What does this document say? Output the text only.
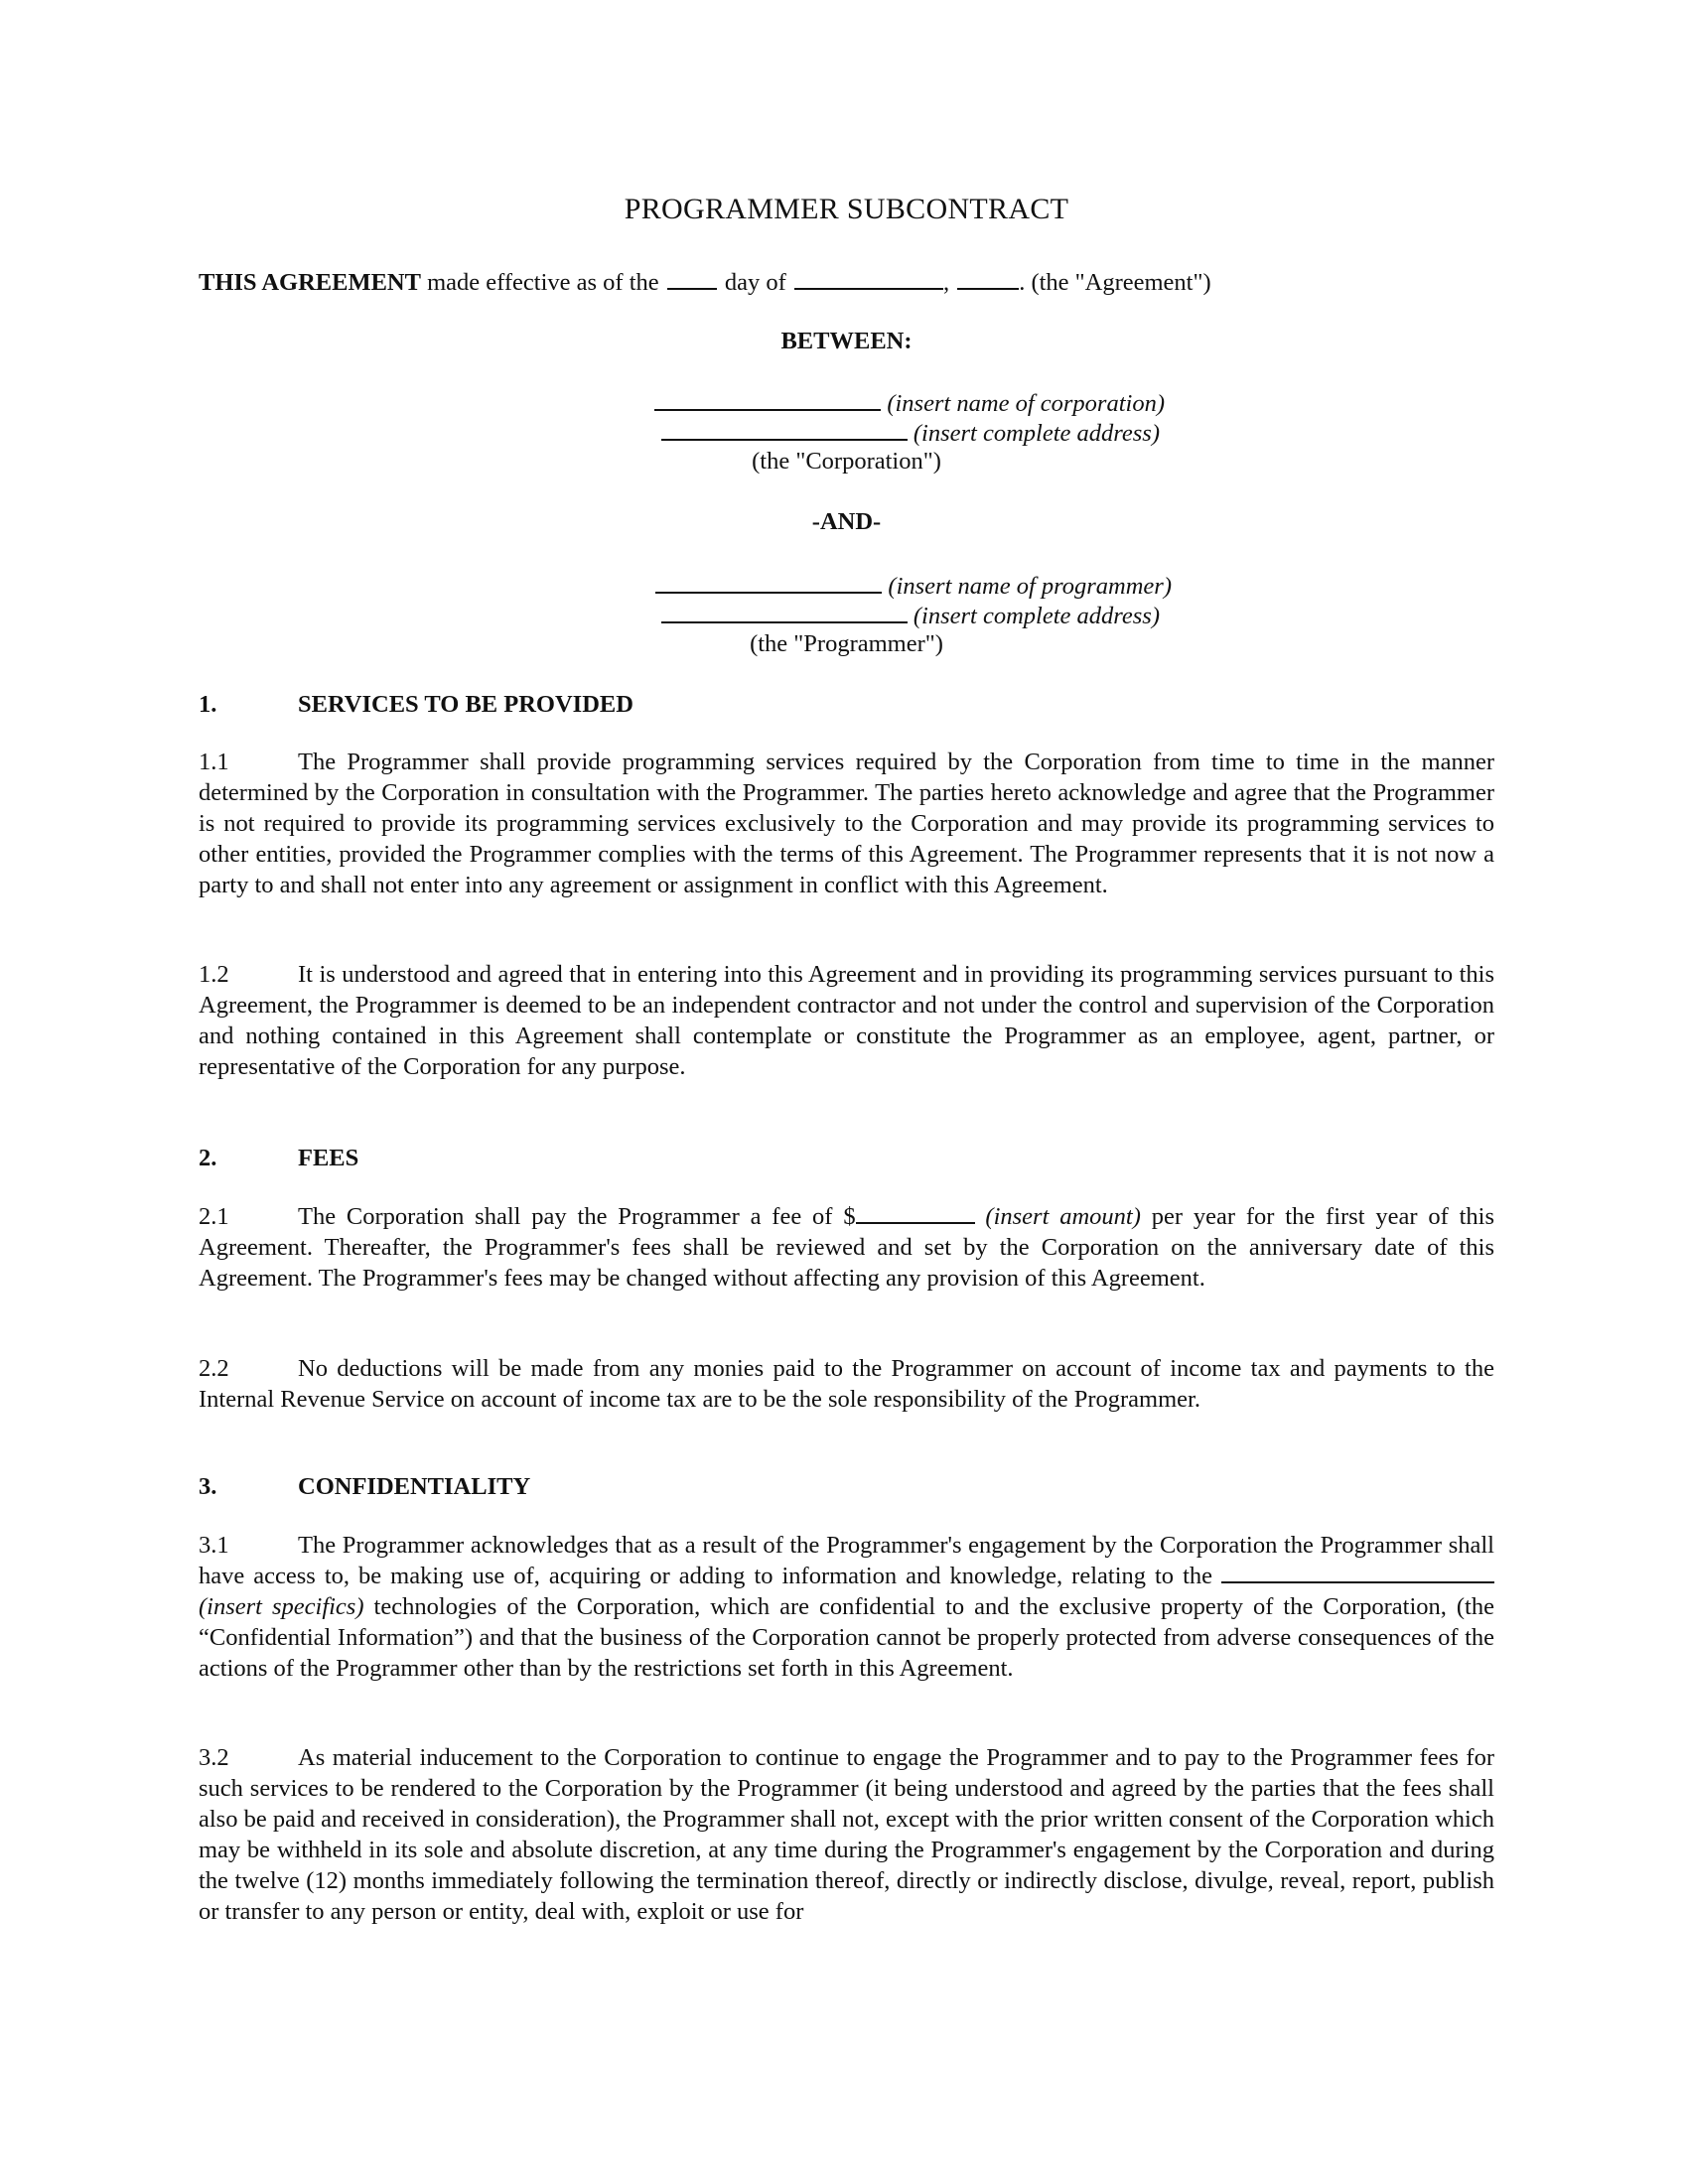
PROGRAMMER SUBCONTRACT
THIS AGREEMENT made effective as of the	day of	,	. (the "Agreement")
BETWEEN:
(insert name of corporation)
(insert complete address)
(the "Corporation")
-AND-
(insert name of programmer)
(insert complete address)
(the "Programmer")
1.	SERVICES TO BE PROVIDED
1.1	The Programmer shall provide programming services required by the Corporation from time to time in the manner determined by the Corporation in consultation with the Programmer. The parties hereto acknowledge and agree that the Programmer is not required to provide its programming services exclusively to the Corporation and may provide its programming services to other entities, provided the Programmer complies with the terms of this Agreement. The Programmer represents that it is not now a party to and shall not enter into any agreement or assignment in conflict with this Agreement.
1.2	It is understood and agreed that in entering into this Agreement and in providing its programming services pursuant to this Agreement, the Programmer is deemed to be an independent contractor and not under the control and supervision of the Corporation and nothing contained in this Agreement shall contemplate or constitute the Programmer as an employee, agent, partner, or representative of the Corporation for any purpose.
2.	FEES
2.1	The Corporation shall pay the Programmer a fee of $	(insert amount) per year for the first year of this Agreement. Thereafter, the Programmer's fees shall be reviewed and set by the Corporation on the anniversary date of this Agreement. The Programmer's fees may be changed without affecting any provision of this Agreement.
2.2	No deductions will be made from any monies paid to the Programmer on account of income tax and payments to the Internal Revenue Service on account of income tax are to be the sole responsibility of the Programmer.
3.	CONFIDENTIALITY
3.1	The Programmer acknowledges that as a result of the Programmer's engagement by the Corporation the Programmer shall have access to, be making use of, acquiring or adding to information and knowledge, relating to the  (insert specifics) technologies of the Corporation, which are confidential to and the exclusive property of the Corporation, (the “Confidential Information”) and that the business of the Corporation cannot be properly protected from adverse consequences of the actions of the Programmer other than by the restrictions set forth in this Agreement.
3.2	As material inducement to the Corporation to continue to engage the Programmer and to pay to the Programmer fees for such services to be rendered to the Corporation by the Programmer (it being understood and agreed by the parties that the fees shall also be paid and received in consideration), the Programmer shall not, except with the prior written consent of the Corporation which may be withheld in its sole and absolute discretion, at any time during the Programmer's engagement by the Corporation and during the twelve (12) months immediately following the termination thereof, directly or indirectly disclose, divulge, reveal, report, publish or transfer to any person or entity, deal with, exploit or use for
